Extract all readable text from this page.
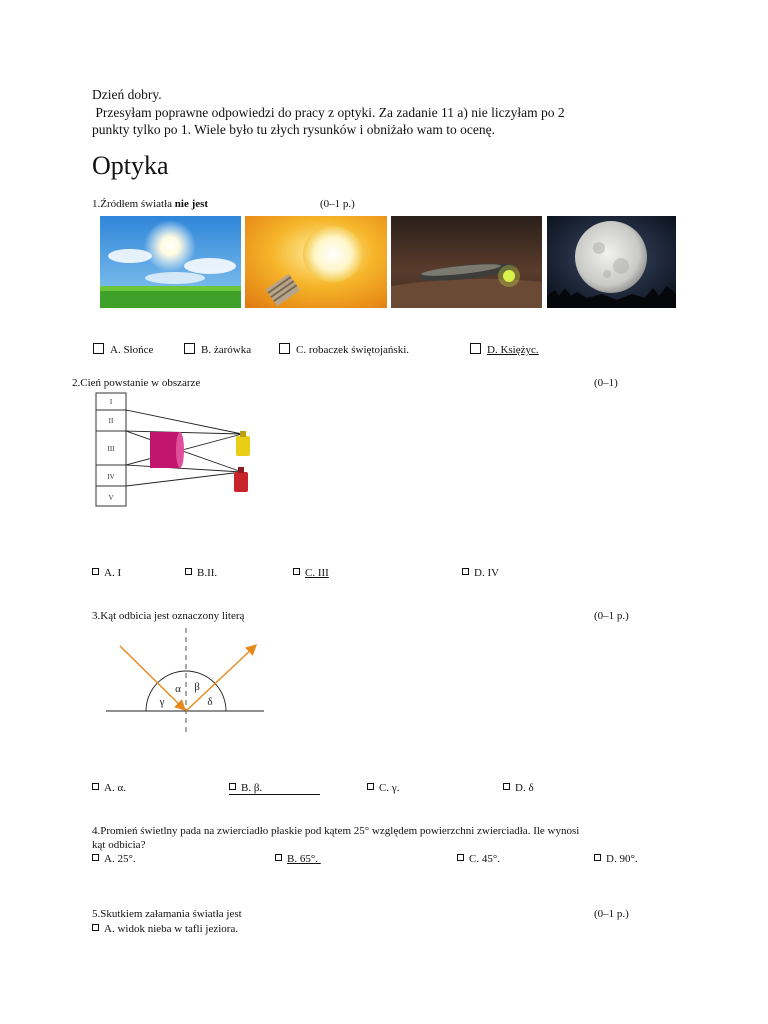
Dzień dobry.
Przesyłam poprawne odpowiedzi do pracy z optyki. Za zadanie 11 a) nie liczyłam po 2
punkty tylko po 1. Wiele było tu złych rysunków i obniżało wam to ocenę.
Optyka
1.Źródłem światła nie jest	(0–1 p.)
A. Słońce	B. żarówka	C. robaczek świętojański.	D. Księżyc.
2.Cień powstanie w obszarze	(0–1)
I
II
III
IV
V
A. I	B.II.	C. III	D. IV
3.Kąt odbicia jest oznaczony literą	(0–1 p.)
α β
γ	δ
A. α.	B. β.	C. γ.	D. δ
4.Promień świetlny pada na zwierciadło płaskie pod kątem 25° względem powierzchni zwierciadła. Ile wynosi
kąt odbicia?
A. 25°.	B. 65°.	C. 45°.	D. 90°.
5.Skutkiem załamania światła jest	(0–1 p.)
A. widok nieba w tafli jeziora.
